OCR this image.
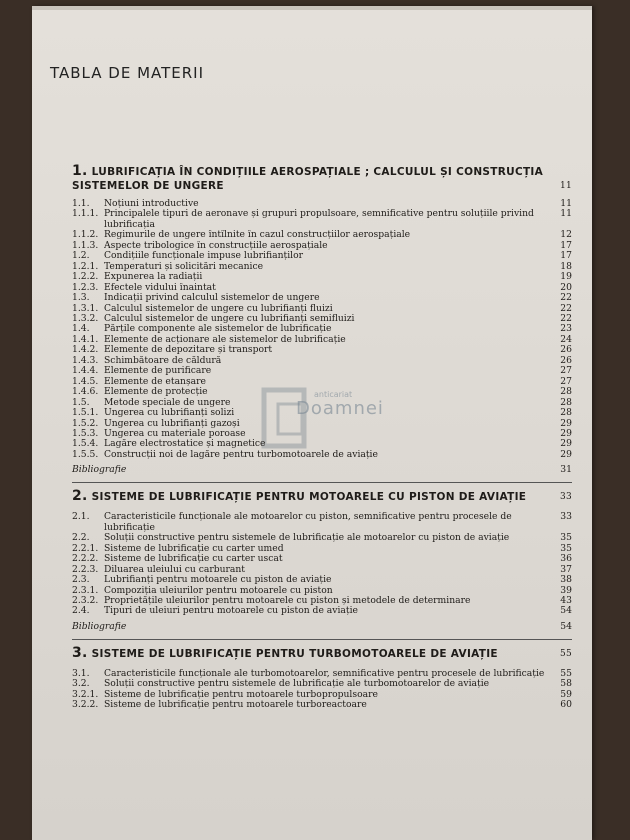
TABLA DE MATERII
anticariat
Doamnei
1. LUBRIFICAȚIA ÎN CONDIȚIILE AEROSPAȚIALE ; CALCULUL ȘI CONSTRUCȚIA SISTEMELOR DE UNGERE	11
1.1.	Noțiuni introductive	11
1.1.1. Principalele tipuri de aeronave și grupuri propulsoare, semnificative pentru soluțiile privind lubrificația
11
1.1.2. Regimurile de ungere întîlnite în cazul construcțiilor aerospațiale	12
1.1.3. Aspecte tribologice în construcțiile aerospațiale	17
1.2.	Condițiile funcționale impuse lubrifianților	17
1.2.1. Temperaturi și solicitări mecanice	18
1.2.2. Expunerea la radiații	19
1.2.3. Efectele vidului înaintat	20
1.3.	Indicații privind calculul sistemelor de ungere	22
1.3.1. Calculul sistemelor de ungere cu lubrifianți fluizi	22
1.3.2. Calculul sistemelor de ungere cu lubrifianți semifluizi	22
1.4.	Părțile componente ale sistemelor de lubrificație	23
1.4.1. Elemente de acționare ale sistemelor de lubrificație	24
1.4.2. Elemente de depozitare și transport	26
1.4.3. Schimbătoare de căldură	26
1.4.4. Elemente de purificare	27
1.4.5. Elemente de etanșare	27
1.4.6. Elemente de protecție	28
1.5.	Metode speciale de ungere	28
1.5.1. Ungerea cu lubrifianți solizi	28
1.5.2. Ungerea cu lubrifianți gazoși	29
1.5.3. Ungerea cu materiale poroase	29
1.5.4. Lagăre electrostatice și magnetice	29
1.5.5. Construcții noi de lagăre pentru turbomotoarele de aviație	29
Bibliografie	31
2. SISTEME DE LUBRIFICAȚIE PENTRU MOTOARELE CU PISTON DE AVIAȚIE	33
2.1.	Caracteristicile funcționale ale motoarelor cu piston, semnificative pentru procesele de lubrificație
33
2.2.	Soluții constructive pentru sistemele de lubrificație ale motoarelor cu piston de aviație	35
2.2.1. Sisteme de lubrificație cu carter umed	35
2.2.2. Sisteme de lubrificație cu carter uscat	36
2.2.3. Diluarea uleiului cu carburant	37
2.3.	Lubrifianți pentru motoarele cu piston de aviație	38
2.3.1. Compoziția uleiurilor pentru motoarele cu piston	39
2.3.2. Proprietățile uleiurilor pentru motoarele cu piston și metodele de determinare	43
2.4.	Tipuri de uleiuri pentru motoarele cu piston de aviație	54
Bibliografie	54
3. SISTEME DE LUBRIFICAȚIE PENTRU TURBOMOTOARELE DE AVIAȚIE	55
3.1.	Caracteristicile funcționale ale turbomotoarelor, semnificative pentru procesele de lubrificație	55
3.2.	Soluții constructive pentru sistemele de lubrificație ale turbomotoarelor de aviație	58
3.2.1. Sisteme de lubrificație pentru motoarele turbopropulsoare	59
3.2.2. Sisteme de lubrificație pentru motoarele turboreactoare	60
